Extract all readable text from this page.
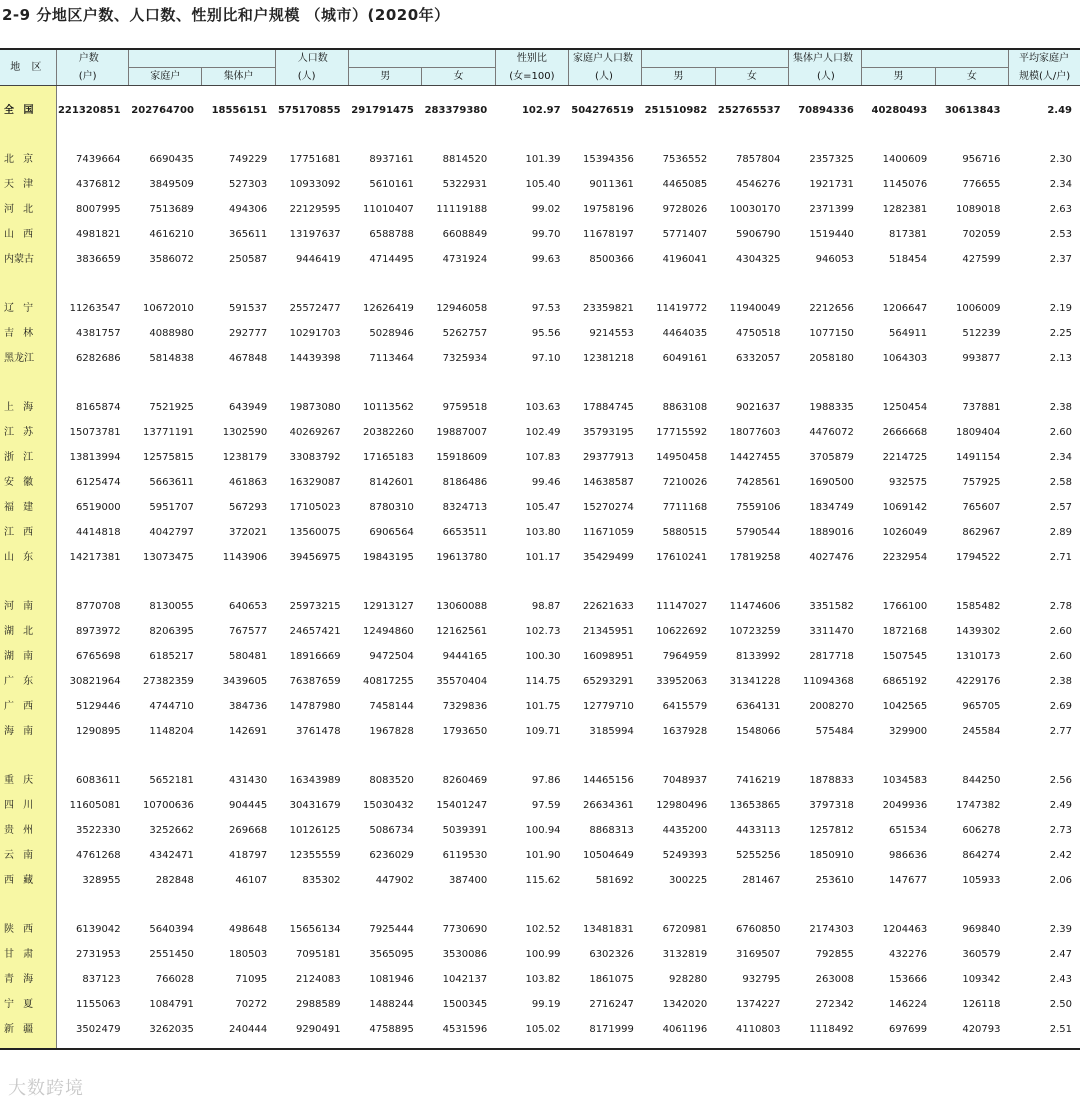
2-9 分地区户数、人口数、性别比和户规模 （城市）(2020年）
地 区	户数			人口数			性别比	家庭户人口数			集体户人口数			平均家庭户
	(户)	家庭户	集体户	(人)	男	女	(女=100)	(人)	男	女	(人)	男	女	规模(人/户)

全 国	221320851	202764700	18556151	575170855	291791475	283379380	102.97	504276519	251510982	252765537	70894336	40280493	30613843	2.49

北 京	7439664	6690435	749229	17751681	8937161	8814520	101.39	15394356	7536552	7857804	2357325	1400609	956716	2.30
天 津	4376812	3849509	527303	10933092	5610161	5322931	105.40	9011361	4465085	4546276	1921731	1145076	776655	2.34
河 北	8007995	7513689	494306	22129595	11010407	11119188	99.02	19758196	9728026	10030170	2371399	1282381	1089018	2.63
山 西	4981821	4616210	365611	13197637	6588788	6608849	99.70	11678197	5771407	5906790	1519440	817381	702059	2.53
内蒙古	3836659	3586072	250587	9446419	4714495	4731924	99.63	8500366	4196041	4304325	946053	518454	427599	2.37

辽 宁	11263547	10672010	591537	25572477	12626419	12946058	97.53	23359821	11419772	11940049	2212656	1206647	1006009	2.19
吉 林	4381757	4088980	292777	10291703	5028946	5262757	95.56	9214553	4464035	4750518	1077150	564911	512239	2.25
黑龙江	6282686	5814838	467848	14439398	7113464	7325934	97.10	12381218	6049161	6332057	2058180	1064303	993877	2.13

上 海	8165874	7521925	643949	19873080	10113562	9759518	103.63	17884745	8863108	9021637	1988335	1250454	737881	2.38
江 苏	15073781	13771191	1302590	40269267	20382260	19887007	102.49	35793195	17715592	18077603	4476072	2666668	1809404	2.60
浙 江	13813994	12575815	1238179	33083792	17165183	15918609	107.83	29377913	14950458	14427455	3705879	2214725	1491154	2.34
安 徽	6125474	5663611	461863	16329087	8142601	8186486	99.46	14638587	7210026	7428561	1690500	932575	757925	2.58
福 建	6519000	5951707	567293	17105023	8780310	8324713	105.47	15270274	7711168	7559106	1834749	1069142	765607	2.57
江 西	4414818	4042797	372021	13560075	6906564	6653511	103.80	11671059	5880515	5790544	1889016	1026049	862967	2.89
山 东	14217381	13073475	1143906	39456975	19843195	19613780	101.17	35429499	17610241	17819258	4027476	2232954	1794522	2.71

河 南	8770708	8130055	640653	25973215	12913127	13060088	98.87	22621633	11147027	11474606	3351582	1766100	1585482	2.78
湖 北	8973972	8206395	767577	24657421	12494860	12162561	102.73	21345951	10622692	10723259	3311470	1872168	1439302	2.60
湖 南	6765698	6185217	580481	18916669	9472504	9444165	100.30	16098951	7964959	8133992	2817718	1507545	1310173	2.60
广 东	30821964	27382359	3439605	76387659	40817255	35570404	114.75	65293291	33952063	31341228	11094368	6865192	4229176	2.38
广 西	5129446	4744710	384736	14787980	7458144	7329836	101.75	12779710	6415579	6364131	2008270	1042565	965705	2.69
海 南	1290895	1148204	142691	3761478	1967828	1793650	109.71	3185994	1637928	1548066	575484	329900	245584	2.77

重 庆	6083611	5652181	431430	16343989	8083520	8260469	97.86	14465156	7048937	7416219	1878833	1034583	844250	2.56
四 川	11605081	10700636	904445	30431679	15030432	15401247	97.59	26634361	12980496	13653865	3797318	2049936	1747382	2.49
贵 州	3522330	3252662	269668	10126125	5086734	5039391	100.94	8868313	4435200	4433113	1257812	651534	606278	2.73
云 南	4761268	4342471	418797	12355559	6236029	6119530	101.90	10504649	5249393	5255256	1850910	986636	864274	2.42
西 藏	328955	282848	46107	835302	447902	387400	115.62	581692	300225	281467	253610	147677	105933	2.06

陕 西	6139042	5640394	498648	15656134	7925444	7730690	102.52	13481831	6720981	6760850	2174303	1204463	969840	2.39
甘 肃	2731953	2551450	180503	7095181	3565095	3530086	100.99	6302326	3132819	3169507	792855	432276	360579	2.47
青 海	837123	766028	71095	2124083	1081946	1042137	103.82	1861075	928280	932795	263008	153666	109342	2.43
宁 夏	1155063	1084791	70272	2988589	1488244	1500345	99.19	2716247	1342020	1374227	272342	146224	126118	2.50
新 疆	3502479	3262035	240444	9290491	4758895	4531596	105.02	8171999	4061196	4110803	1118492	697699	420793	2.51

大数跨境
